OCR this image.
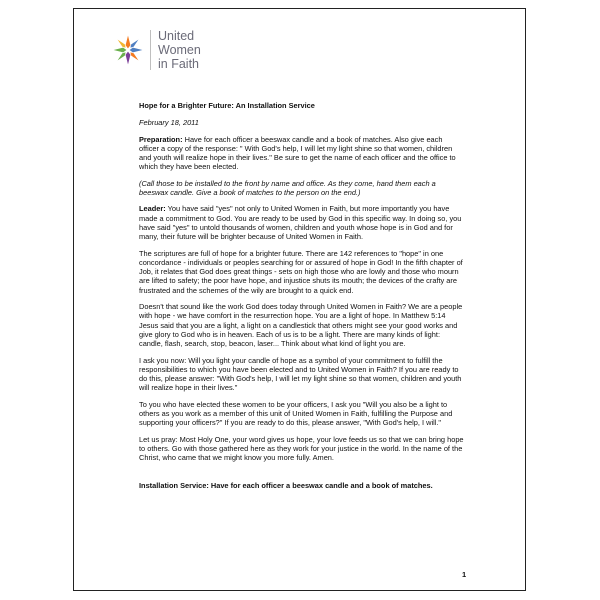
United
Women
in Faith

Hope for a Brighter Future: An Installation Service

February 18, 2011

Preparation: Have for each officer a beeswax candle and a book of matches. Also give each officer a copy of the response: " With God's help, I will let my light shine so that women, children and youth will realize hope in their lives." Be sure to get the name of each officer and the office to which they have been elected.

(Call those to be installed to the front by name and office. As they come, hand them each a beeswax candle. Give a book of matches to the person on the end.)

Leader: You have said "yes" not only to United Women in Faith, but more importantly you have made a commitment to God. You are ready to be used by God in this specific way. In doing so, you have said "yes" to untold thousands of women, children and youth whose hope is in God and for many, their future will be brighter because of United Women in Faith.

The scriptures are full of hope for a brighter future. There are 142 references to "hope" in one concordance - individuals or peoples searching for or assured of hope in God! In the fifth chapter of Job, it relates that God does great things - sets on high those who are lowly and those who mourn are lifted to safety; the poor have hope, and injustice shuts its mouth; the devices of the crafty are frustrated and the schemes of the wily are brought to a quick end.

Doesn't that sound like the work God does today through United Women in Faith? We are a people with hope - we have comfort in the resurrection hope. You are a light of hope. In Matthew 5:14 Jesus said that you are a light, a light on a candlestick that others might see your good works and give glory to God who is in heaven. Each of us is to be a light. There are many kinds of light: candle, flash, search, stop, beacon, laser... Think about what kind of light you are.

I ask you now: Will you light your candle of hope as a symbol of your commitment to fulfill the responsibilities to which you have been elected and to United Women in Faith? If you are ready to do this, please answer: "With God's help, I will let my light shine so that women, children and youth will realize hope in their lives."

To you who have elected these women to be your officers, I ask you "Will you also be a light to others as you work as a member of this unit of United Women in Faith, fulfilling the Purpose and supporting your officers?" If you are ready to do this, please answer, "With God's help, I will."

Let us pray: Most Holy One, your word gives us hope, your love feeds us so that we can bring hope to others. Go with those gathered here as they work for your justice in the world. In the name of the Christ, who came that we might know you more fully. Amen.

Installation Service: Have for each officer a beeswax candle and a book of matches.

1
